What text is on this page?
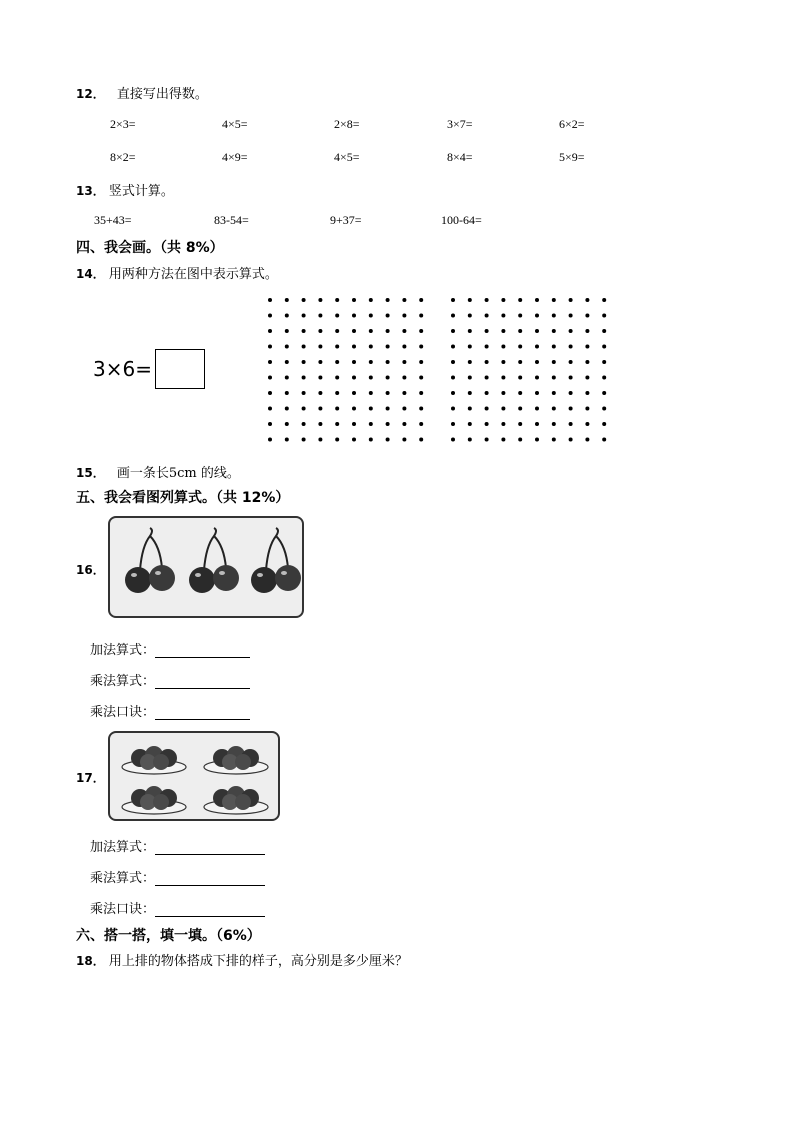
12． 直接写出得数。
2×3=	4×5=	2×8=	3×7=	6×2=
8×2=	4×9=	4×5=	8×4=	5×9=
13． 竖式计算。
35+43=	83-54=	9+37=	100-64=
四、我会画。（共 8%）
14． 用两种方法在图中表示算式。
3×6=
15． 画一条长5cm 的线。
五、我会看图列算式。（共 12%）
16．
加法算式：
乘法算式：
乘法口诀：
17．
加法算式：
乘法算式：
乘法口诀：
六、搭一搭，填一填。（6%）
18． 用上排的物体搭成下排的样子，高分别是多少厘米？
